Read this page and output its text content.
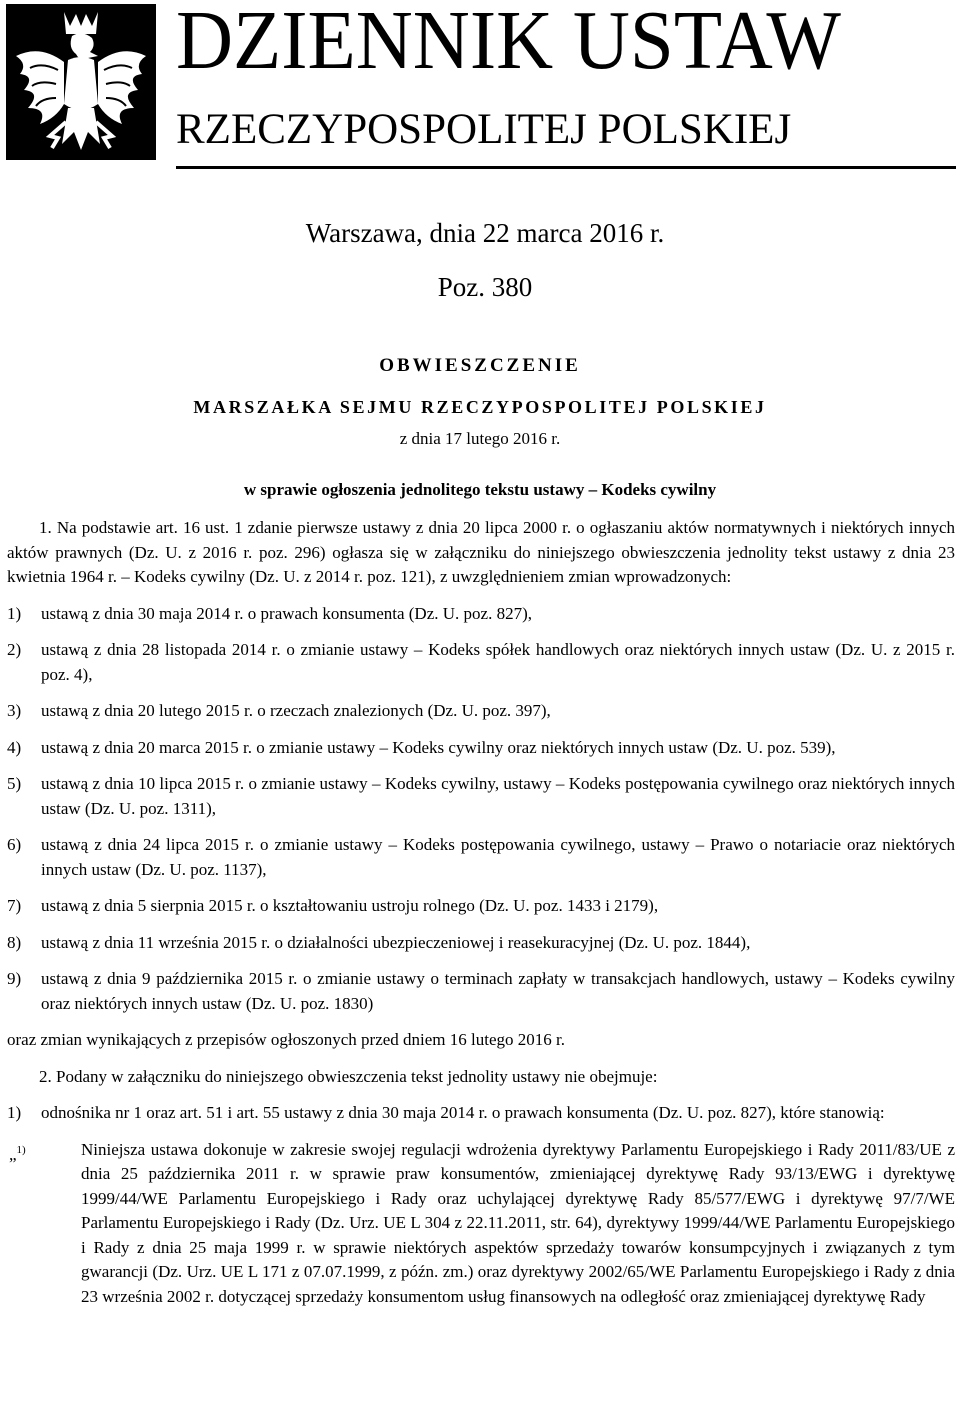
DZIENNIK USTAW
RZECZYPOSPOLITEJ POLSKIEJ
Warszawa, dnia 22 marca 2016 r.
Poz. 380
OBWIESZCZENIE
MARSZAŁKA SEJMU RZECZYPOSPOLITEJ POLSKIEJ
z dnia 17 lutego 2016 r.
w sprawie ogłoszenia jednolitego tekstu ustawy – Kodeks cywilny

1. Na podstawie art. 16 ust. 1 zdanie pierwsze ustawy z dnia 20 lipca 2000 r. o ogłaszaniu aktów normatywnych i niektórych innych aktów prawnych (Dz. U. z 2016 r. poz. 296) ogłasza się w załączniku do niniejszego obwieszczenia jednolity tekst ustawy z dnia 23 kwietnia 1964 r. – Kodeks cywilny (Dz. U. z 2014 r. poz. 121), z uwzględnieniem zmian wprowadzonych:

1) ustawą z dnia 30 maja 2014 r. o prawach konsumenta (Dz. U. poz. 827),

2) ustawą z dnia 28 listopada 2014 r. o zmianie ustawy – Kodeks spółek handlowych oraz niektórych innych ustaw (Dz. U. z 2015 r. poz. 4),

3) ustawą z dnia 20 lutego 2015 r. o rzeczach znalezionych (Dz. U. poz. 397),

4) ustawą z dnia 20 marca 2015 r. o zmianie ustawy – Kodeks cywilny oraz niektórych innych ustaw (Dz. U. poz. 539),

5) ustawą z dnia 10 lipca 2015 r. o zmianie ustawy – Kodeks cywilny, ustawy – Kodeks postępowania cywilnego oraz niektórych innych ustaw (Dz. U. poz. 1311),

6) ustawą z dnia 24 lipca 2015 r. o zmianie ustawy – Kodeks postępowania cywilnego, ustawy – Prawo o notariacie oraz niektórych innych ustaw (Dz. U. poz. 1137),

7) ustawą z dnia 5 sierpnia 2015 r. o kształtowaniu ustroju rolnego (Dz. U. poz. 1433 i 2179),

8) ustawą z dnia 11 września 2015 r. o działalności ubezpieczeniowej i reasekuracyjnej (Dz. U. poz. 1844),

9) ustawą z dnia 9 października 2015 r. o zmianie ustawy o terminach zapłaty w transakcjach handlowych, ustawy – Kodeks cywilny oraz niektórych innych ustaw (Dz. U. poz. 1830)

oraz zmian wynikających z przepisów ogłoszonych przed dniem 16 lutego 2016 r.

2. Podany w załączniku do niniejszego obwieszczenia tekst jednolity ustawy nie obejmuje:

1) odnośnika nr 1 oraz art. 51 i art. 55 ustawy z dnia 30 maja 2014 r. o prawach konsumenta (Dz. U. poz. 827), które stanowią:

„$^{1)}$	Niniejsza ustawa dokonuje w zakresie swojej regulacji wdrożenia dyrektywy Parlamentu Europejskiego i Rady 2011/83/UE z dnia 25 października 2011 r. w sprawie praw konsumentów, zmieniającej dyrektywę Rady 93/13/EWG i dyrektywę 1999/44/WE Parlamentu Europejskiego i Rady oraz uchylającej dyrektywę Rady 85/577/EWG i dyrektywę 97/7/WE Parlamentu Europejskiego i Rady (Dz. Urz. UE L 304 z 22.11.2011, str. 64), dyrektywy 1999/44/WE Parlamentu Europejskiego i Rady z dnia 25 maja 1999 r. w sprawie niektórych aspektów sprzedaży towarów konsumpcyjnych i związanych z tym gwarancji (Dz. Urz. UE L 171 z 07.07.1999, z późn. zm.) oraz dyrektywy 2002/65/WE Parlamentu Europejskiego i Rady z dnia 23 września 2002 r. dotyczącej sprzedaży konsumentom usług finansowych na odległość oraz zmieniającej dyrektywę Rady
